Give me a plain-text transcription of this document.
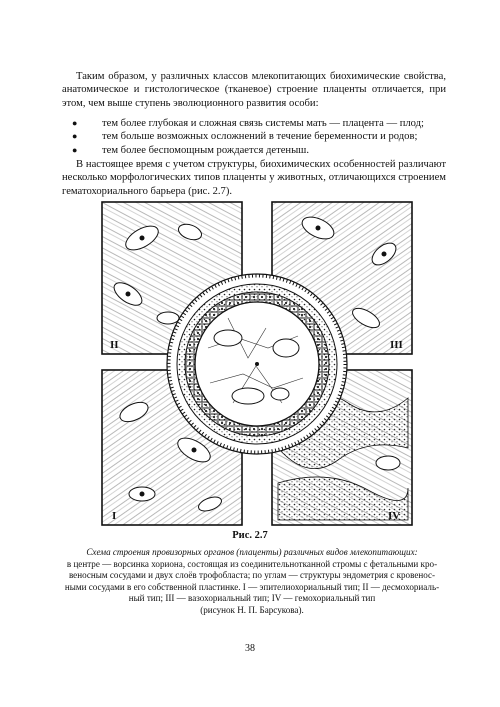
Таким образом, у различных классов млекопитающих биохимические свойства, анатомическое и гистологическое (тканевое) строение плаценты отличается, при этом, чем выше ступень эволюционного развития особи:

●	тем более глубокая и сложная связь системы мать — плацента — плод;
●	тем больше возможных осложнений в течение беременности и родов;
●	тем более беспомощным рождается детеныш.

В настоящее время с учетом структуры, биохимических особенностей различают несколько морфологических типов плаценты у животных, отличающихся строением гематохориального барьера (рис. 2.7).

II	III
I	IV
Рис. 2.7
Схема строения провизорных органов (плаценты) различных видов млекопитающих:
в центре — ворсинка хориона, состоящая из соединительнотканной стромы с фетальными кро-
веносным сосудами и двух слоёв трофобласта; по углам — структуры эндометрия с кровенос-
ными сосудами в его собственной пластинке. I — эпителиохориальный тип; II — десмохориаль-
ный тип; III — вазохориальный тип; IV — гемохориальный тип
(рисунок Н. П. Барсукова).
38
